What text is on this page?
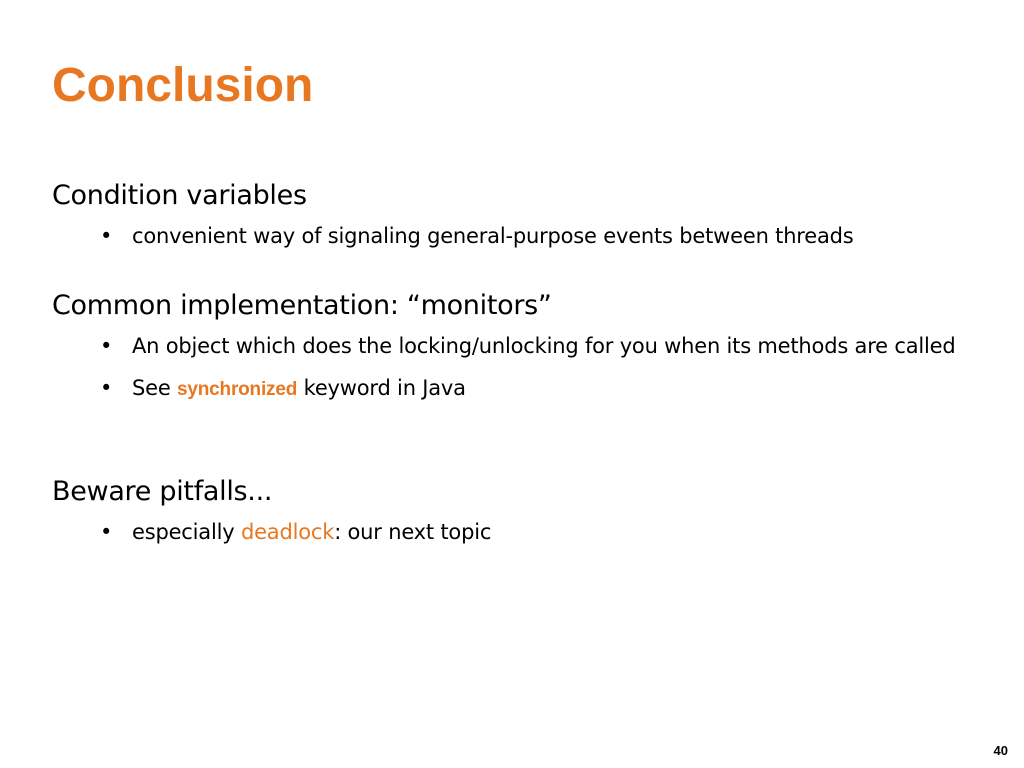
Conclusion
Condition variables
• convenient way of signaling general-purpose events between threads
Common implementation: “monitors”
• An object which does the locking/unlocking for you when its methods are called
• See synchronized keyword in Java
Beware pitfalls...
• especially deadlock: our next topic
40
